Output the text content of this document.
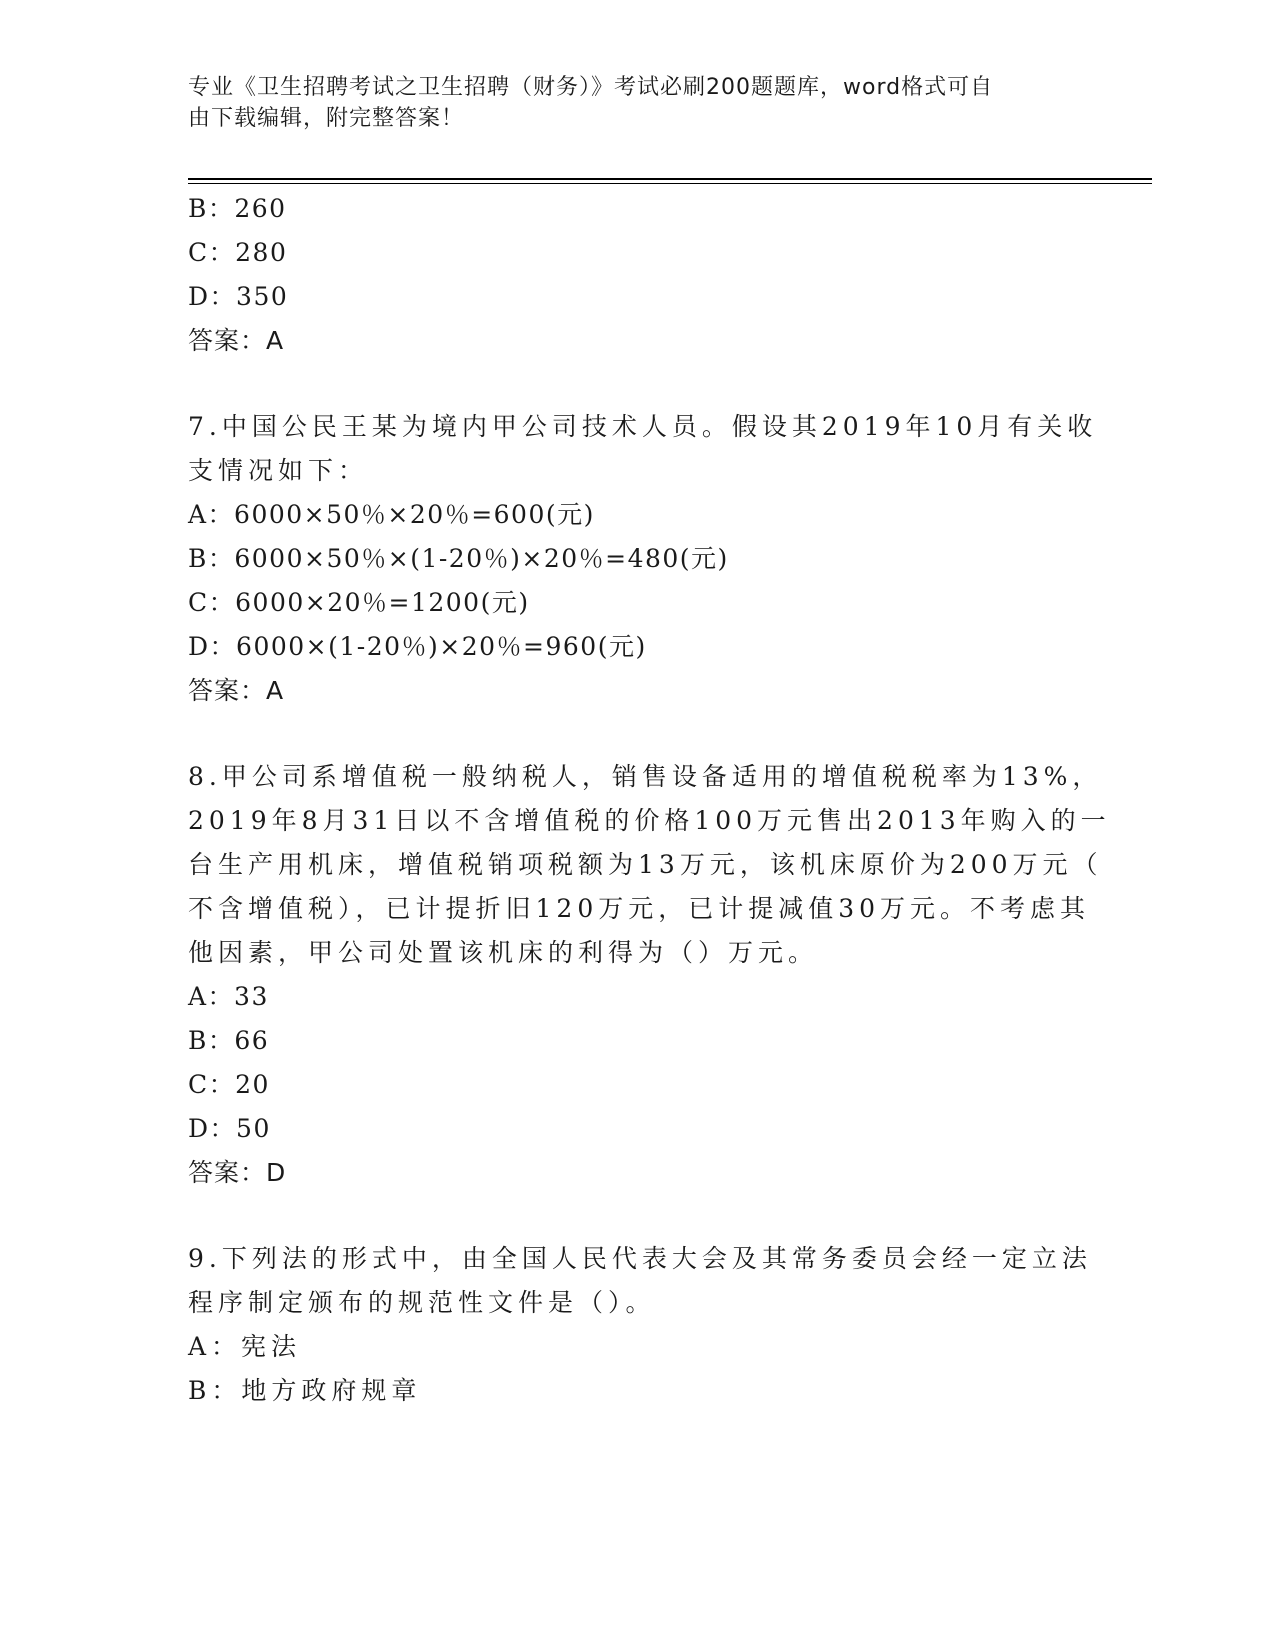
专业《卫生招聘考试之卫生招聘（财务）》考试必刷200题题库，word格式可自
由下载编辑，附完整答案！
B：260
C：280
D：350
答案：A
7.中国公民王某为境内甲公司技术人员。假设其2019年10月有关收
支情况如下：
A：6000×50％×20％=600(元)
B：6000×50％×(1-20％)×20％=480(元)
C：6000×20％=1200(元)
D：6000×(1-20％)×20％=960(元)
答案：A
8.甲公司系增值税一般纳税人，销售设备适用的增值税税率为13%，
2019年8月31日以不含增值税的价格100万元售出2013年购入的一
台生产用机床，增值税销项税额为13万元，该机床原价为200万元（
不含增值税），已计提折旧120万元，已计提减值30万元。不考虑其
他因素，甲公司处置该机床的利得为（）万元。
A：33
B：66
C：20
D：50
答案：D
9.下列法的形式中，由全国人民代表大会及其常务委员会经一定立法
程序制定颁布的规范性文件是（）。
A：宪法
B：地方政府规章
